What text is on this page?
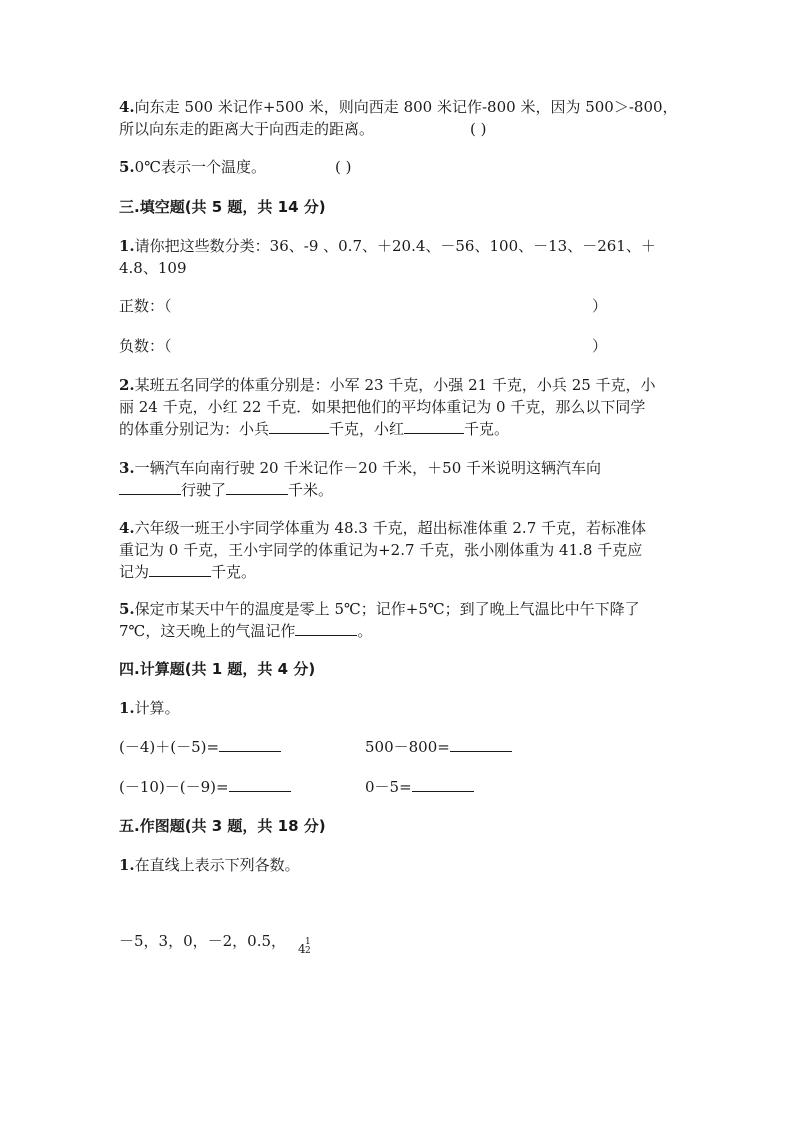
4.向东走 500 米记作+500 米，则向西走 800 米记作-800 米，因为 500＞-800，
所以向东走的距离大于向西走的距离。	( )
5.0℃表示一个温度。	( )
三.填空题(共 5 题，共 14 分)
1.请你把这些数分类：36、-9 、0.7、＋20.4、－56、100、－13、－261、＋
4.8、109
正数：（	）
负数：（	）
2.某班五名同学的体重分别是：小军 23 千克，小强 21 千克，小兵 25 千克，小
丽 24 千克，小红 22 千克．如果把他们的平均体重记为 0 千克，那么以下同学
的体重分别记为：小兵	千克，小红	千克。
3.一辆汽车向南行驶 20 千米记作－20 千米，＋50 千米说明这辆汽车向
行驶了	千米。
4.六年级一班王小宇同学体重为 48.3 千克，超出标准体重 2.7 千克，若标准体
重记为 0 千克，王小宇同学的体重记为+2.7 千克，张小刚体重为 41.8 千克应
记为	千克。
5.保定市某天中午的温度是零上 5℃；记作+5℃；到了晚上气温比中午下降了
7℃，这天晚上的气温记作	。
四.计算题(共 1 题，共 4 分)
1.计算。
(－4)＋(－5)=	500－800=
(－10)－(－9)=	0－5=
五.作图题(共 3 题，共 18 分)
1.在直线上表示下列各数。
－5，3，0，－2，0.5， 4 1
2
